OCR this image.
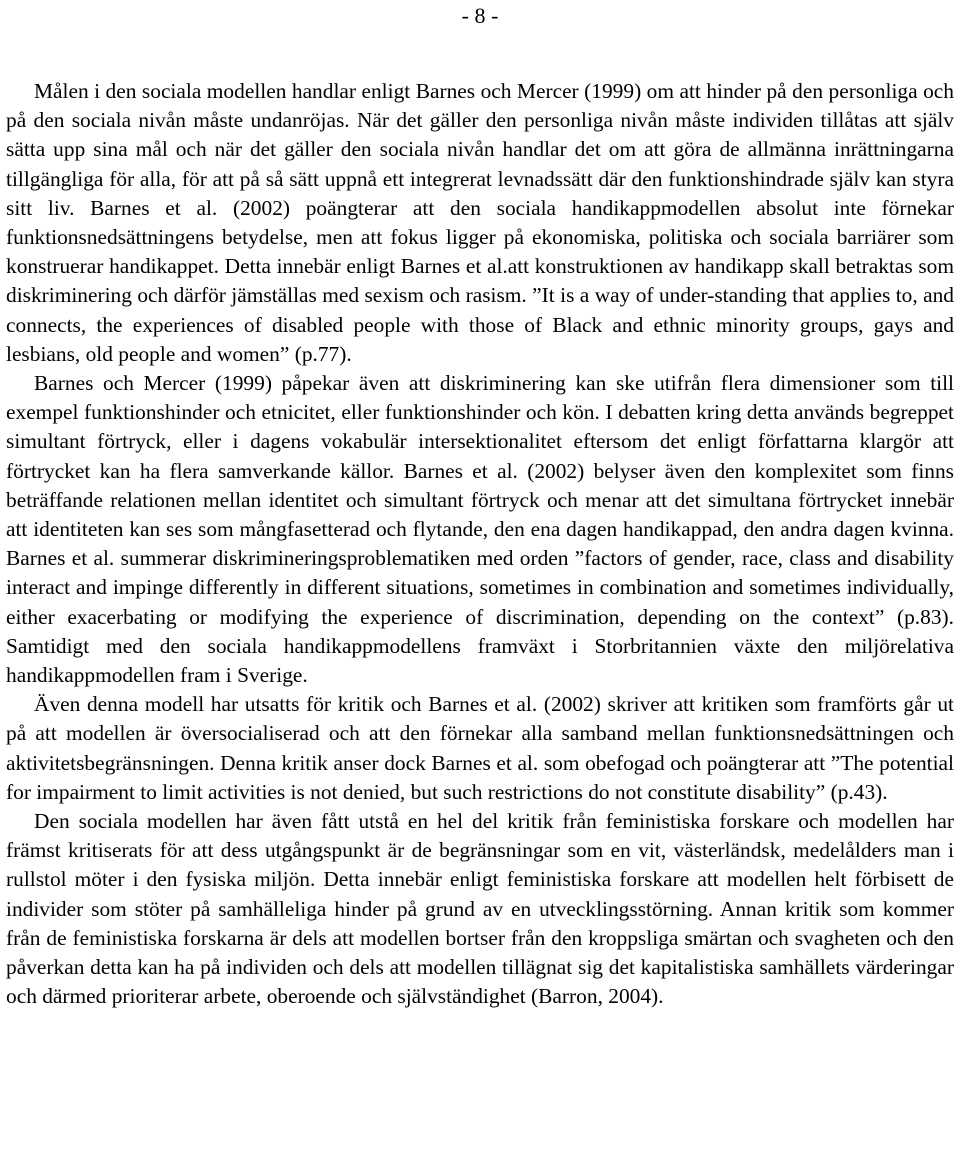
- 8 -

Målen i den sociala modellen handlar enligt Barnes och Mercer (1999) om att hinder på den personliga och på den sociala nivån måste undanröjas. När det gäller den personliga nivån måste individen tillåtas att själv sätta upp sina mål och när det gäller den sociala nivån handlar det om att göra de allmänna inrättningarna tillgängliga för alla, för att på så sätt uppnå ett integrerat levnadssätt där den funktionshindrade själv kan styra sitt liv. Barnes et al. (2002) poängterar att den sociala handikappmodellen absolut inte förnekar funktionsnedsättningens betydelse, men att fokus ligger på ekonomiska, politiska och sociala barriärer som konstruerar handikappet. Detta innebär enligt Barnes et al.att konstruktionen av handikapp skall betraktas som diskriminering och därför jämställas med sexism och rasism. ”It is a way of under-standing that applies to, and connects, the experiences of disabled people with those of Black and ethnic minority groups, gays and lesbians, old people and women” (p.77).

Barnes och Mercer (1999) påpekar även att diskriminering kan ske utifrån flera dimensioner som till exempel funktionshinder och etnicitet, eller funktionshinder och kön. I debatten kring detta används begreppet simultant förtryck, eller i dagens vokabulär intersektionalitet eftersom det enligt författarna klargör att förtrycket kan ha flera samverkande källor. Barnes et al. (2002) belyser även den komplexitet som finns beträffande relationen mellan identitet och simultant förtryck och menar att det simultana förtrycket innebär att identiteten kan ses som mångfasetterad och flytande, den ena dagen handikappad, den andra dagen kvinna. Barnes et al. summerar diskrimineringsproblematiken med orden ”factors of gender, race, class and disability interact and impinge differently in different situations, sometimes in combination and sometimes individually, either exacerbating or modifying the experience of discrimination, depending on the context” (p.83). Samtidigt med den sociala handikappmodellens framväxt i Storbritannien växte den miljörelativa handikappmodellen fram i Sverige.

Även denna modell har utsatts för kritik och Barnes et al. (2002) skriver att kritiken som framförts går ut på att modellen är översocialiserad och att den förnekar alla samband mellan funktionsnedsättningen och aktivitetsbegränsningen. Denna kritik anser dock Barnes et al. som obefogad och poängterar att ”The potential for impairment to limit activities is not denied, but such restrictions do not constitute disability” (p.43).

Den sociala modellen har även fått utstå en hel del kritik från feministiska forskare och modellen har främst kritiserats för att dess utgångspunkt är de begränsningar som en vit, västerländsk, medelålders man i rullstol möter i den fysiska miljön. Detta innebär enligt feministiska forskare att modellen helt förbisett de individer som stöter på samhälleliga hinder på grund av en utvecklingsstörning. Annan kritik som kommer från de feministiska forskarna är dels att modellen bortser från den kroppsliga smärtan och svagheten och den påverkan detta kan ha på individen och dels att modellen tillägnat sig det kapitalistiska samhällets värderingar och därmed prioriterar arbete, oberoende och självständighet (Barron, 2004).
